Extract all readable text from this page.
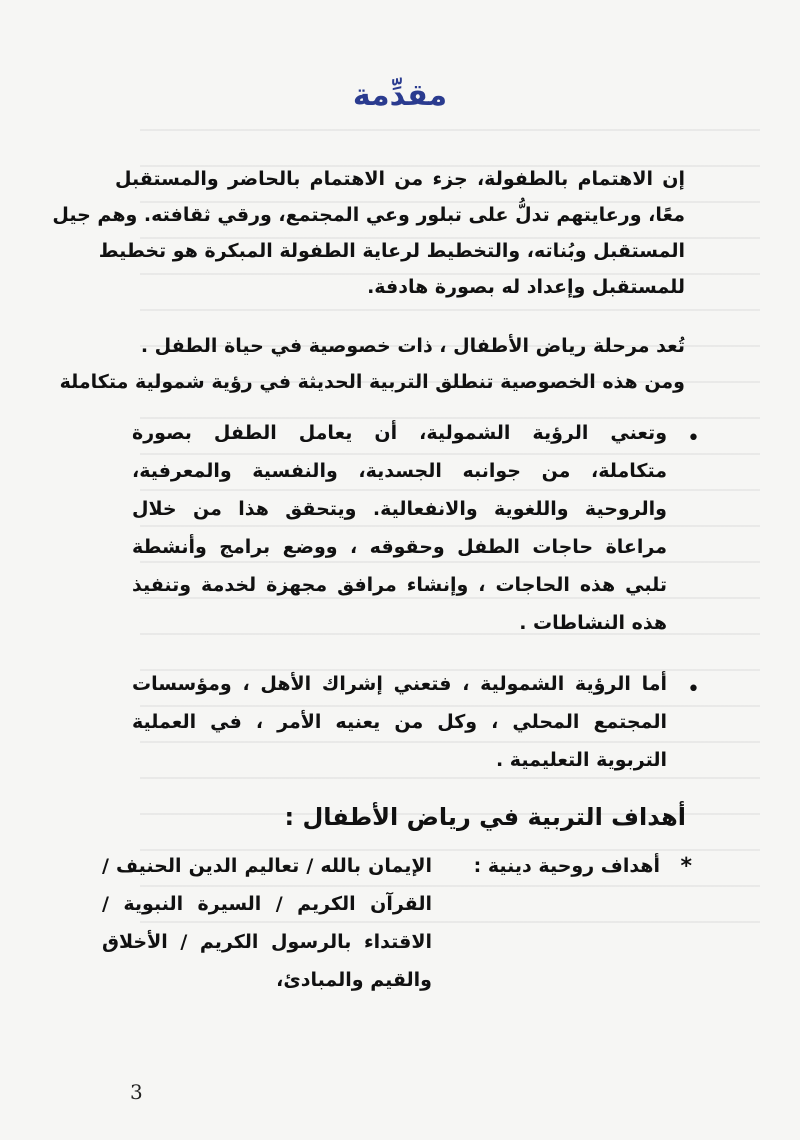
مقدِّمة
إن الاهتمام بالطفولة، جزء من الاهتمام بالحاضر والمستقبل
معًا، ورعايتهم تدلُّ على تبلور وعي المجتمع، ورقي ثقافته. وهم جيل
المستقبل وبُناته، والتخطيط لرعاية الطفولة المبكرة هو تخطيط
للمستقبل وإعداد له بصورة هادفة.
تُعد مرحلة رياض الأطفال ، ذات خصوصية في حياة الطفل .
ومن هذه الخصوصية تنطلق التربية الحديثة في رؤية شمولية متكاملة
•
وتعني الرؤية الشمولية، أن يعامل الطفل بصورة
متكاملة، من جوانبه الجسدية، والنفسية والمعرفية،
والروحية واللغوية والانفعالية. ويتحقق هذا من خلال
مراعاة حاجات الطفل وحقوقه ، ووضع برامج وأنشطة
تلبي هذه الحاجات ، وإنشاء مرافق مجهزة لخدمة وتنفيذ
هذه النشاطات .
•
أما الرؤية الشمولية ، فتعني إشراك الأهل ، ومؤسسات
المجتمع المحلي ، وكل من يعنيه الأمر ، في العملية
التربوية التعليمية .
أهداف التربية في رياض الأطفال :
*
أهداف روحية دينية :
الإيمان بالله / تعاليم الدين الحنيف /
القرآن الكريم / السيرة النبوية /
الاقتداء بالرسول الكريم / الأخلاق
والقيم والمبادئ،
3
